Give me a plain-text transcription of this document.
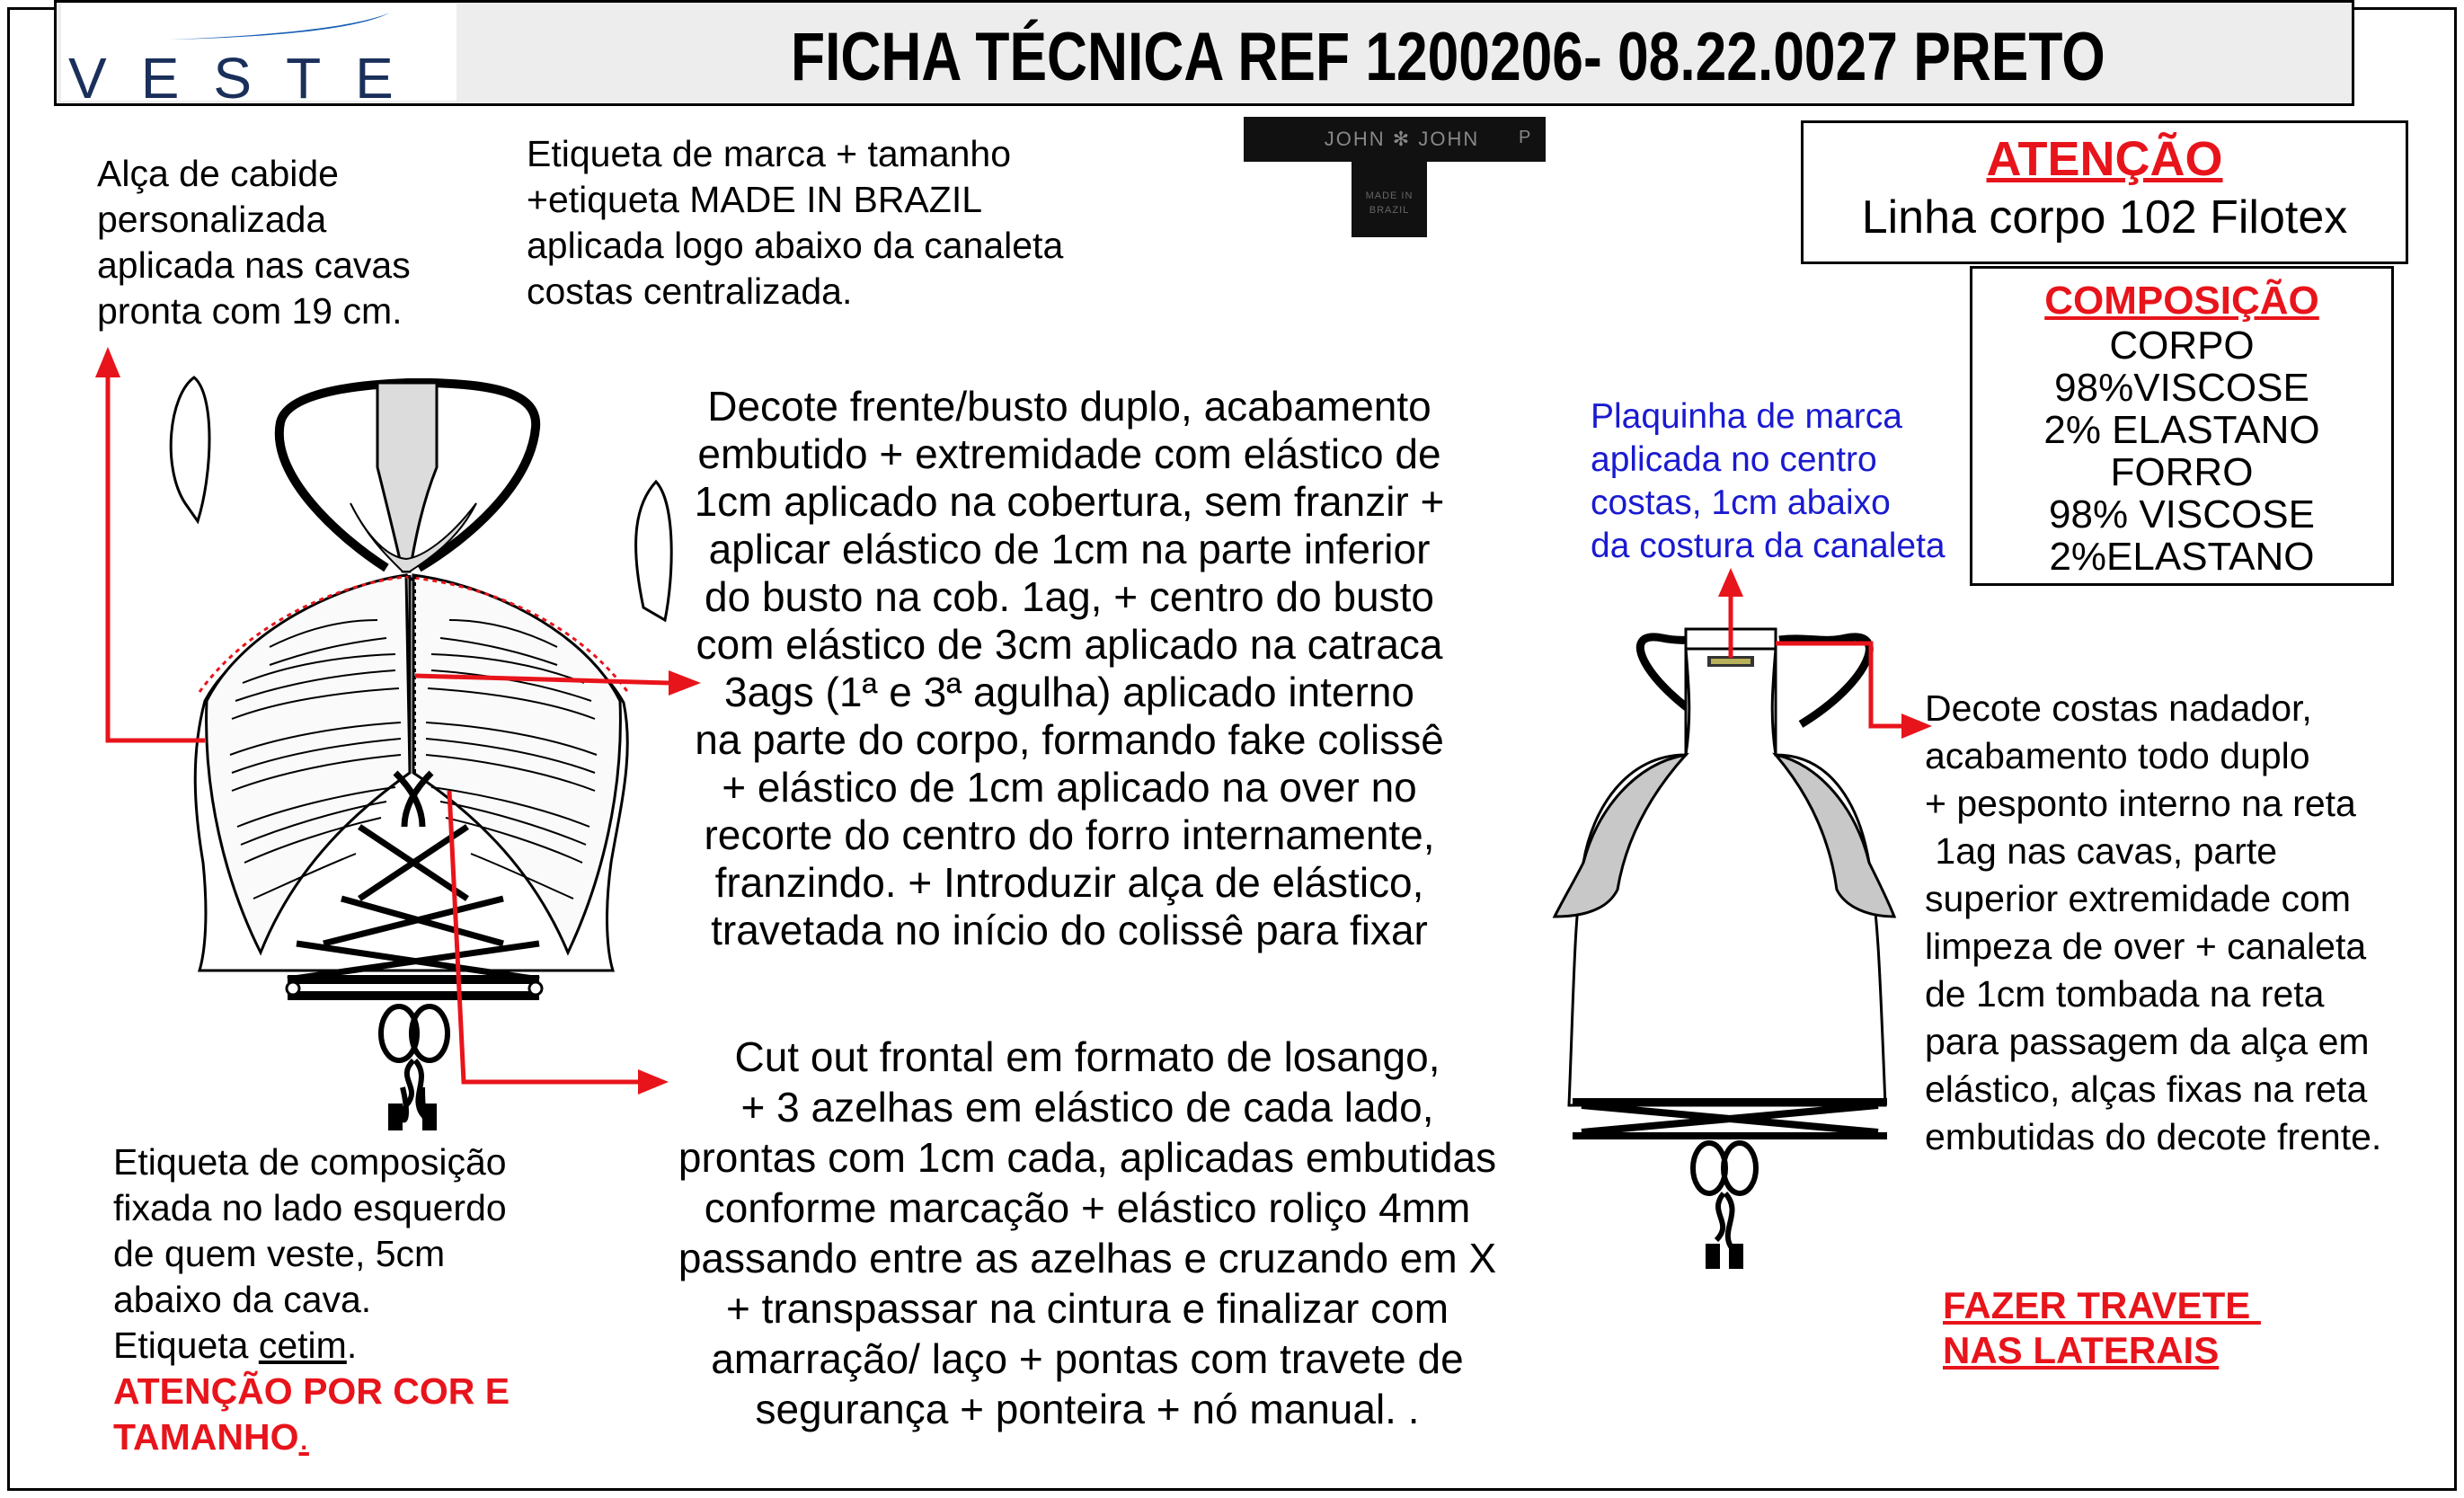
VESTE	FICHA TÉCNICA REF 1200206- 08.22.0027 PRETO
JOHN ✻ JOHN	P
MADE IN
BRAZIL
ATENÇÃO
Linha corpo 102 Filotex
COMPOSIÇÃO
CORPO
98%VISCOSE
2% ELASTANO
FORRO
98% VISCOSE
2%ELASTANO
Alça de cabide
personalizada
aplicada nas cavas
pronta com 19 cm.
Etiqueta de marca + tamanho
+etiqueta MADE IN BRAZIL
aplicada logo abaixo da canaleta
costas centralizada.
Decote frente/busto duplo, acabamento
embutido + extremidade com elástico de
1cm aplicado na cobertura, sem franzir +
aplicar elástico de 1cm na parte inferior
do busto na cob. 1ag, + centro do busto
com elástico de 3cm aplicado na catraca
3ags (1ª e 3ª agulha) aplicado interno
na parte do corpo, formando fake colissê
+ elástico de 1cm aplicado na over no
recorte do centro do forro internamente,
franzindo. + Introduzir alça de elástico,
travetada no início do colissê para fixar
Cut out frontal em formato de losango,
+ 3 azelhas em elástico de cada lado,
prontas com 1cm cada, aplicadas embutidas
conforme marcação + elástico roliço 4mm
passando entre as azelhas e cruzando em X
+ transpassar na cintura e finalizar com
amarração/ laço + pontas com travete de
segurança + ponteira + nó manual. .
Etiqueta de composição
fixada no lado esquerdo
de quem veste, 5cm
abaixo da cava.
Etiqueta cetim.
ATENÇÃO POR COR E
TAMANHO.
Plaquinha de marca
aplicada no centro
costas, 1cm abaixo
da costura da canaleta
Decote costas nadador,
acabamento todo duplo
+ pesponto interno na reta
1ag nas cavas, parte
superior extremidade com
limpeza de over + canaleta
de 1cm tombada na reta
para passagem da alça em
elástico, alças fixas na reta
embutidas do decote frente.
FAZER TRAVETE
NAS LATERAIS
